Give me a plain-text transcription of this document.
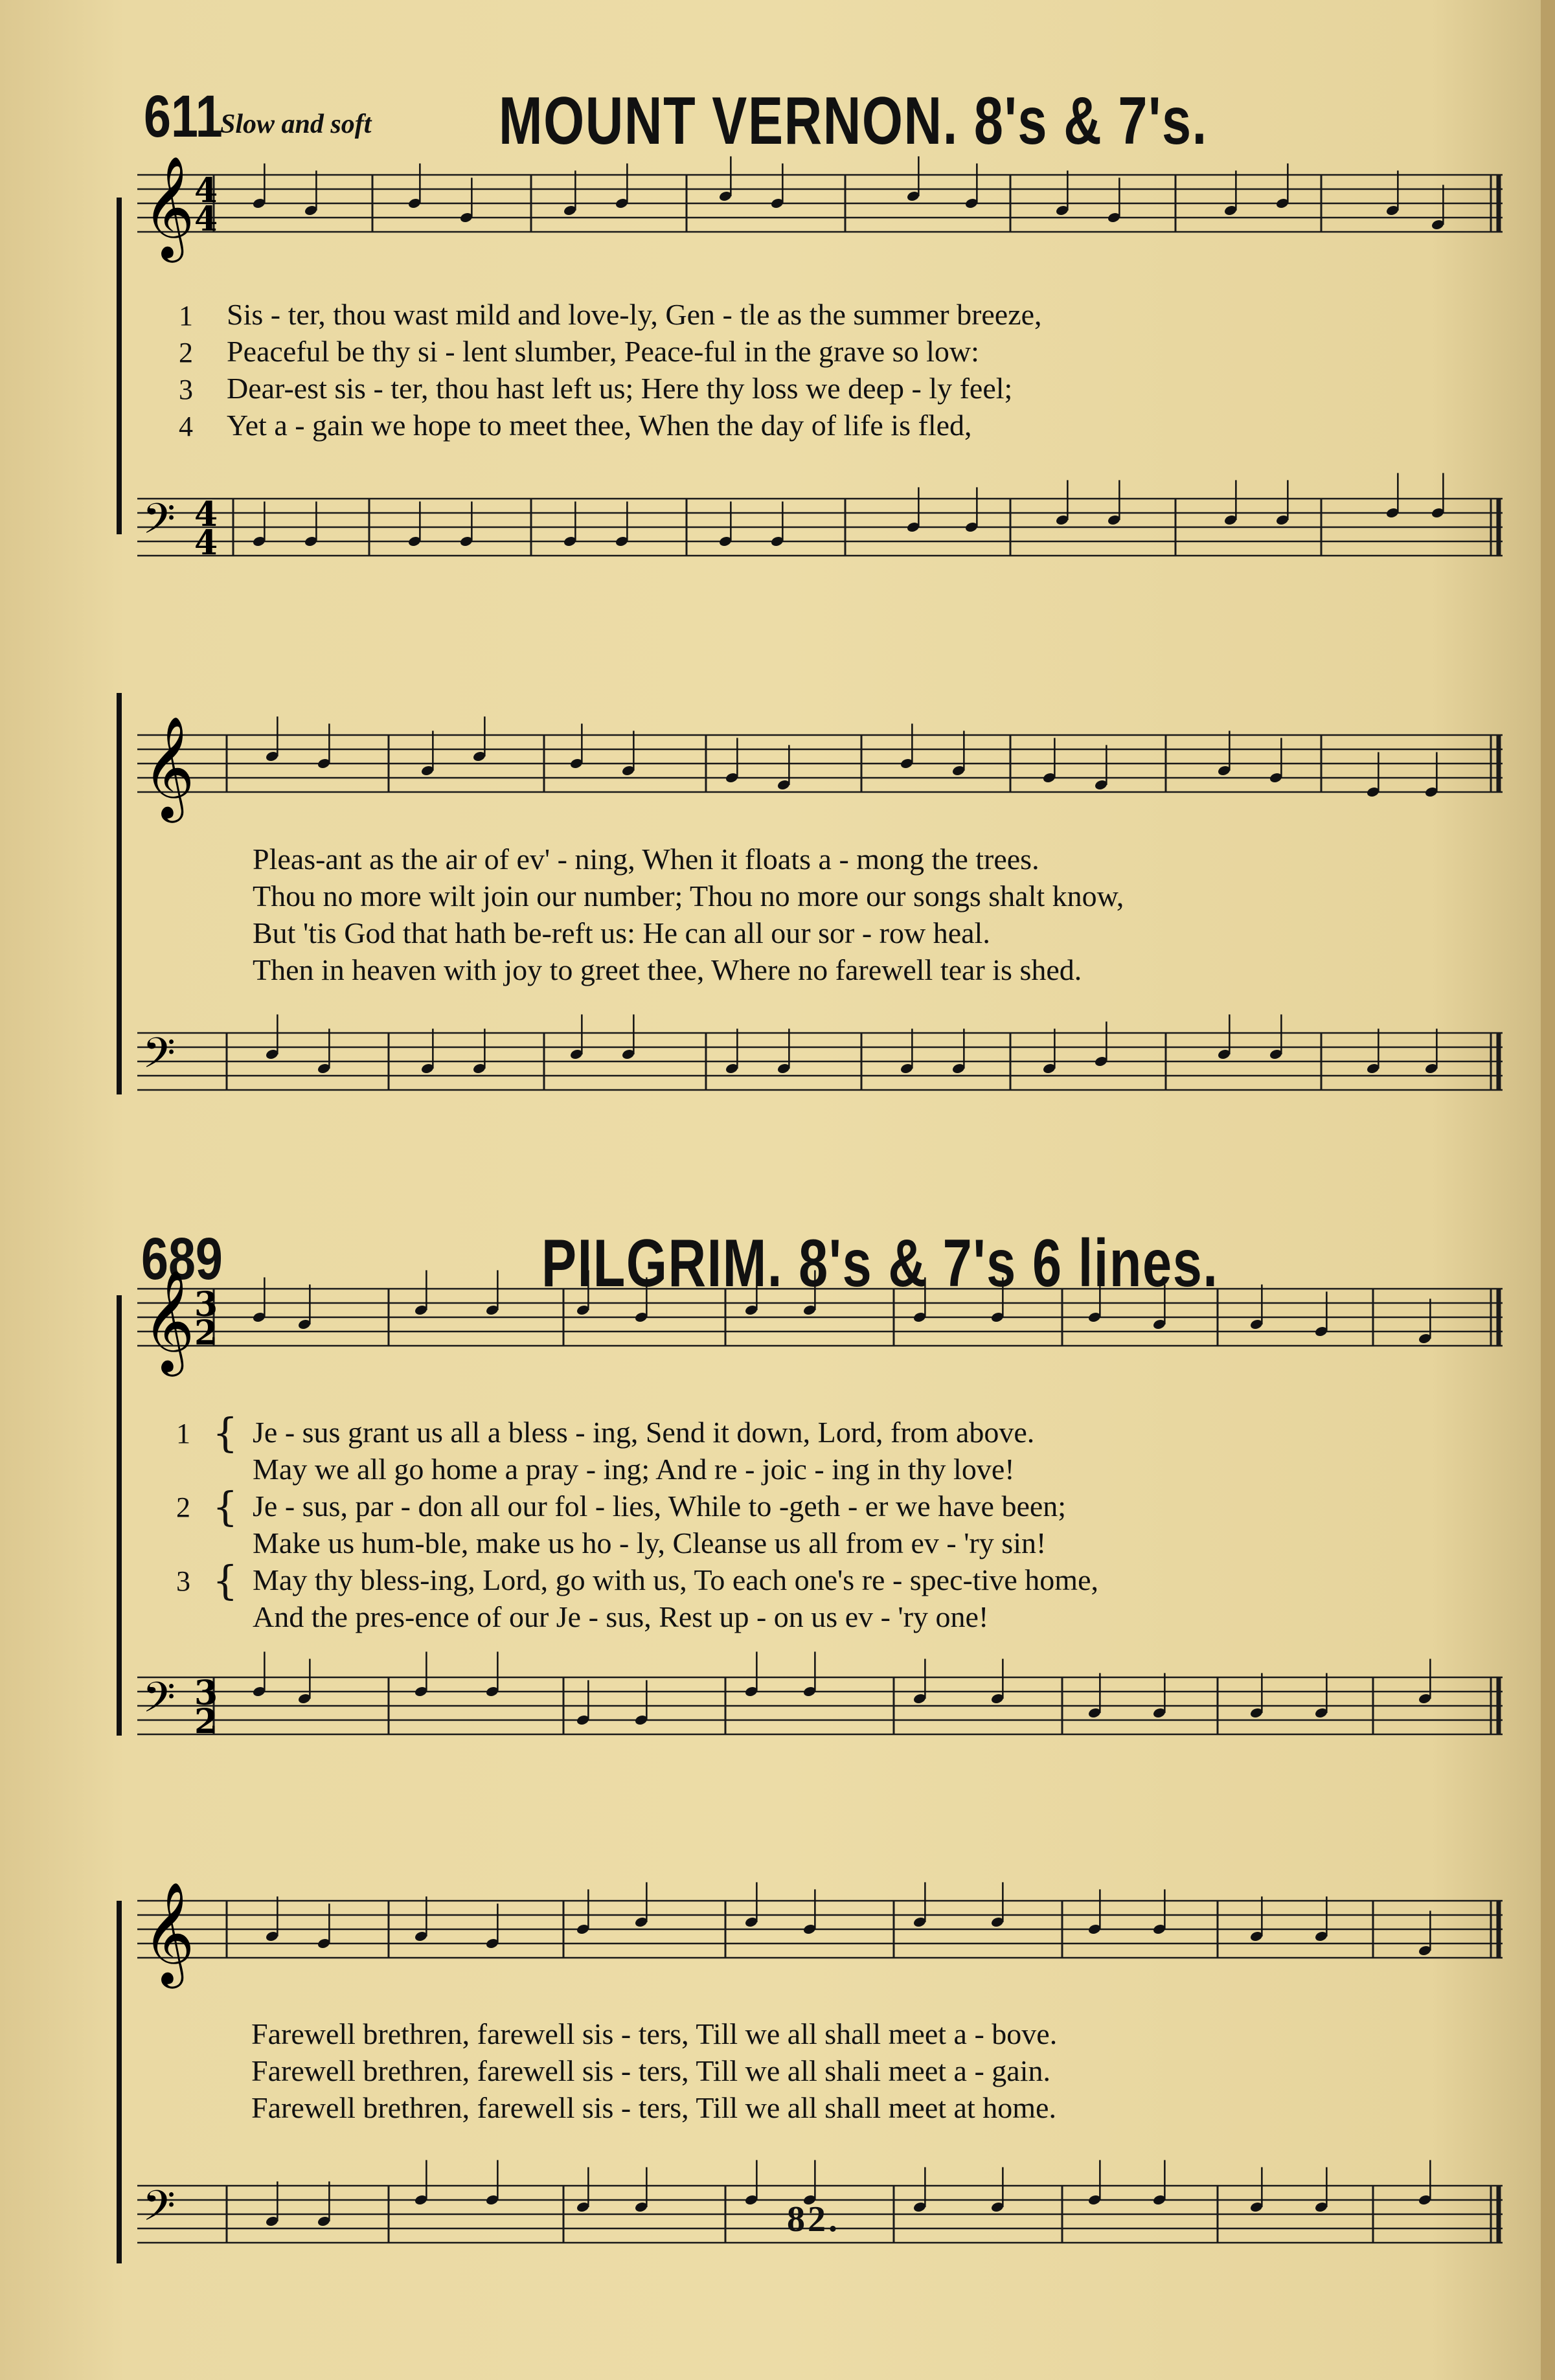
611
Slow and soft MOUNT VERNON. 8's & 7's.
689	PILGRIM. 8's & 7's 6 lines.
𝄞
𝄢
𝄞
𝄢
𝄞
𝄢
𝄞
𝄢
4
4
4
4
3
2
3
2
1 Sis - ter, thou wast mild and love-ly, Gen - tle as the summer breeze,
2 Peaceful be thy si - lent slumber, Peace-ful in the grave so low:
3 Dear-est sis - ter, thou hast left us; Here thy loss we deep - ly feel;
4 Yet a - gain we hope to meet thee, When the day of life is fled,
Pleas-ant as the air of ev' - ning, When it floats a - mong the trees.
Thou no more wilt join our number; Thou no more our songs shalt know,
But 'tis God that hath be-reft us: He can all our sor - row heal.
Then in heaven with joy to greet thee, Where no farewell tear is shed.
1 { Je - sus grant us all a bless - ing, Send it down, Lord, from above.
May we all go home a pray - ing; And re - joic - ing in thy love!
2 { Je - sus, par - don all our fol - lies, While to -geth - er we have been;
Make us hum-ble, make us ho - ly, Cleanse us all from ev - 'ry sin!
3 { May thy bless-ing, Lord, go with us, To each one's re - spec-tive home,
And the pres-ence of our Je - sus, Rest up - on us ev - 'ry one!
Farewell brethren, farewell sis - ters, Till we all shall meet a - bove.
Farewell brethren, farewell sis - ters, Till we all shali meet a - gain.
Farewell brethren, farewell sis - ters, Till we all shall meet at home.
82.
